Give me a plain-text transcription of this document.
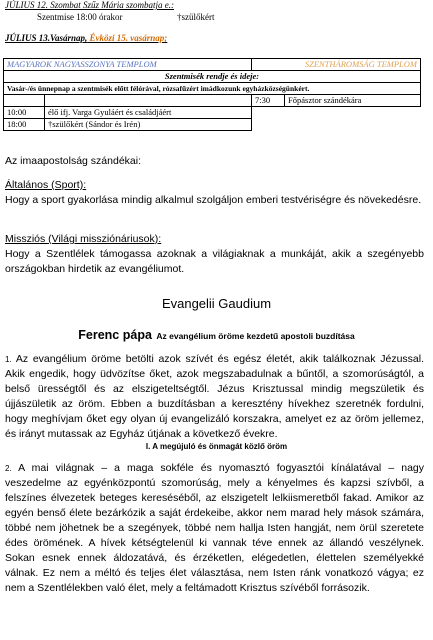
JÚLIUS 12. Szombat Szűz Mária szombatja e.:
Szentmise 18:00 órakor	†szülőkért
JÚLIUS 13.Vasárnap, Évközi 15. vasárnap;
MAGYAROK NAGYASSZONYA TEMPLOM		SZENTHÁROMSÁG TEMPLOM	
Szentmisék rendje és ideje:			
Vasár-/és ünnepnap a szentmisék előtt félórával, rózsafűzért imádkozunk egyházközségünkért.			
		7:30	Főpásztor szándékára
10:00	élő ifj. Varga Gyuláért és családjáért		
18:00	†szülőkért (Sándor és Irén)		
Az imaapostolság szándékai:
Általános (Sport):
Hogy a sport gyakorlása mindig alkalmul szolgáljon emberi testvériségre és növekedésre.
Missziós (Világi missziónáriusok):
Hogy a Szentlélek támogassa azoknak a világiaknak a munkáját, akik a szegényebb országokban hirdetik az evangéliumot.
Evangelii Gaudium
Ferenc pápa Az evangélium öröme kezdetű apostoli buzdítása
1. Az evangélium öröme betölti azok szívét és egész életét, akik találkoznak Jézussal. Akik engedik, hogy üdvözítse őket, azok megszabadulnak a bűntől, a szomorúságtól, a belső ürességtől és az elszigeteltségtől. Jézus Krisztussal mindig megszületik és újjászületik az öröm. Ebben a buzdításban a keresztény hívekhez szeretnék fordulni, hogy meghívjam őket egy olyan új evangelizáló korszakra, amelyet ez az öröm jellemez, és irányt mutassak az Egyház útjának a következő évekre.
I. A megújuló és önmagát közlő öröm
2. A mai világnak – a maga sokféle és nyomasztó fogyasztói kínálatával – nagy veszedelme az egyénközpontú szomorúság, mely a kényelmes és kapzsi szívből, a felszínes élvezetek beteges kereséséből, az elszigetelt lelkiismeretből fakad. Amikor az egyén benső élete bezárkózik a saját érdekeibe, akkor nem marad hely mások számára, többé nem jöhetnek be a szegények, többé nem hallja Isten hangját, nem örül szeretete édes örömének. A hívek kétségtelenül ki vannak téve ennek az állandó veszélynek. Sokan esnek ennek áldozatává, és érzéketlen, elégedetlen, élettelen személyekké válnak. Ez nem a méltó és teljes élet választása, nem Isten ránk vonatkozó vágya; ez nem a Szentlélekben való élet, mely a feltámadott Krisztus szívéből forrásozik.
